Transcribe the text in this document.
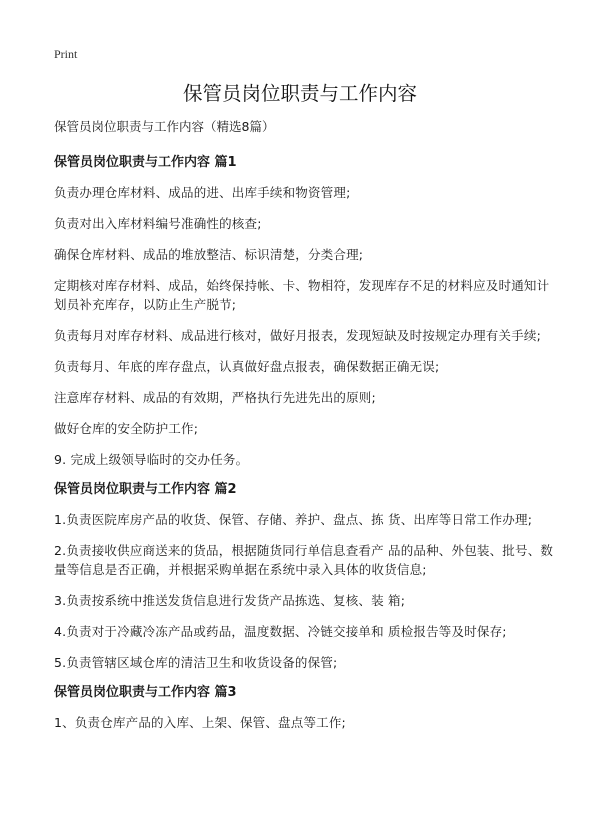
Print
保管员岗位职责与工作内容
保管员岗位职责与工作内容（精选8篇）
保管员岗位职责与工作内容 篇1

负责办理仓库材料、成品的进、出库手续和物资管理;

负责对出入库材料编号准确性的核查;

确保仓库材料、成品的堆放整洁、标识清楚，分类合理;

定期核对库存材料、成品，始终保持帐、卡、物相符，发现库存不足的材料应及时通知计划员补充库存，以防止生产脱节;

负责每月对库存材料、成品进行核对，做好月报表，发现短缺及时按规定办理有关手续;

负责每月、年底的库存盘点，认真做好盘点报表，确保数据正确无误;

注意库存材料、成品的有效期，严格执行先进先出的原则;

做好仓库的安全防护工作;

9. 完成上级领导临时的交办任务。

保管员岗位职责与工作内容 篇2

1.负责医院库房产品的收货、保管、存储、养护、盘点、拣 货、出库等日常工作办理;

2.负责接收供应商送来的货品，根据随货同行单信息查看产 品的品种、外包装、批号、数量等信息是否正确，并根据采购单据在系统中录入具体的收货信息;

3.负责按系统中推送发货信息进行发货产品拣选、复核、装 箱;

4.负责对于冷藏冷冻产品或药品，温度数据、冷链交接单和 质检报告等及时保存;

5.负责管辖区域仓库的清洁卫生和收货设备的保管;

保管员岗位职责与工作内容 篇3

1、负责仓库产品的入库、上架、保管、盘点等工作;
